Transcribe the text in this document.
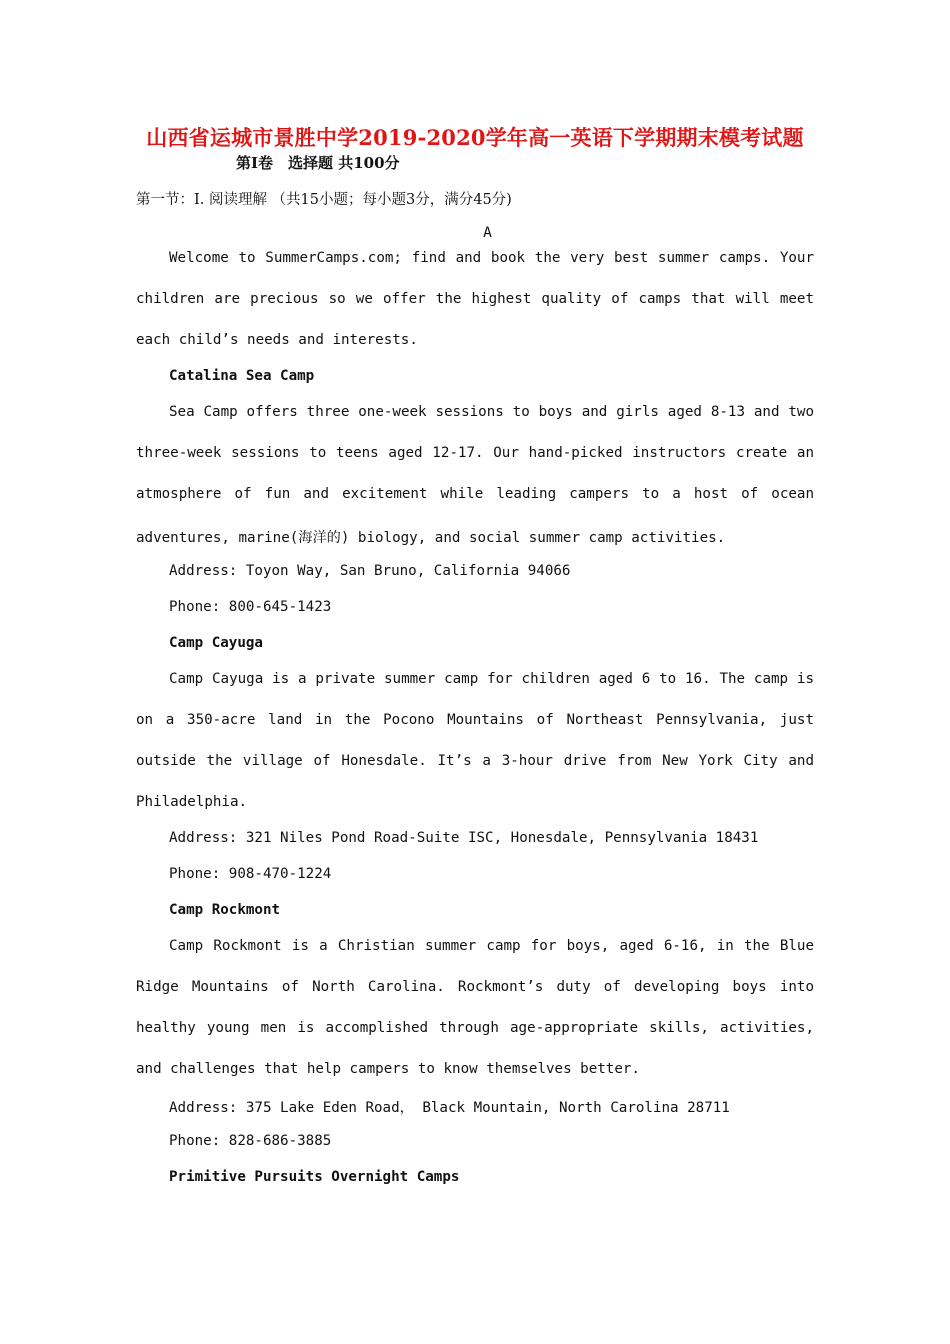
山西省运城市景胜中学2019-2020学年高一英语下学期期末模考试题
第Ⅰ卷　选择题 共100分
第一节：I. 阅读理解 （共15小题；每小题3分，满分45分)
A
Welcome to SummerCamps.com; find and book the very best summer camps. Your
children are precious so we offer the highest quality of camps that will meet
each child’s needs and interests.
Catalina Sea Camp
Sea Camp offers three one-week sessions to boys and girls aged 8-13 and two
three-week sessions to teens aged 12-17. Our hand-picked instructors create an
atmosphere of fun and excitement while leading campers to a host of ocean
adventures, marine(海洋的) biology, and social summer camp activities.
Address: Toyon Way, San Bruno, California 94066
Phone: 800-645-1423
Camp Cayuga
Camp Cayuga is a private summer camp for children aged 6 to 16. The camp is
on a 350-acre land in the Pocono Mountains of Northeast Pennsylvania, just
outside the village of Honesdale. It’s a 3-hour drive from New York City and
Philadelphia.
Address: 321 Niles Pond Road-Suite ISC, Honesdale, Pennsylvania 18431
Phone: 908-470-1224
Camp Rockmont
Camp Rockmont is a Christian summer camp for boys, aged 6-16, in the Blue
Ridge Mountains of North Carolina. Rockmont’s duty of developing boys into
healthy young men is accomplished through age-appropriate skills, activities,
and challenges that help campers to know themselves better.
Address: 375 Lake Eden Road， Black Mountain, North Carolina 28711
Phone: 828-686-3885
Primitive Pursuits Overnight Camps
